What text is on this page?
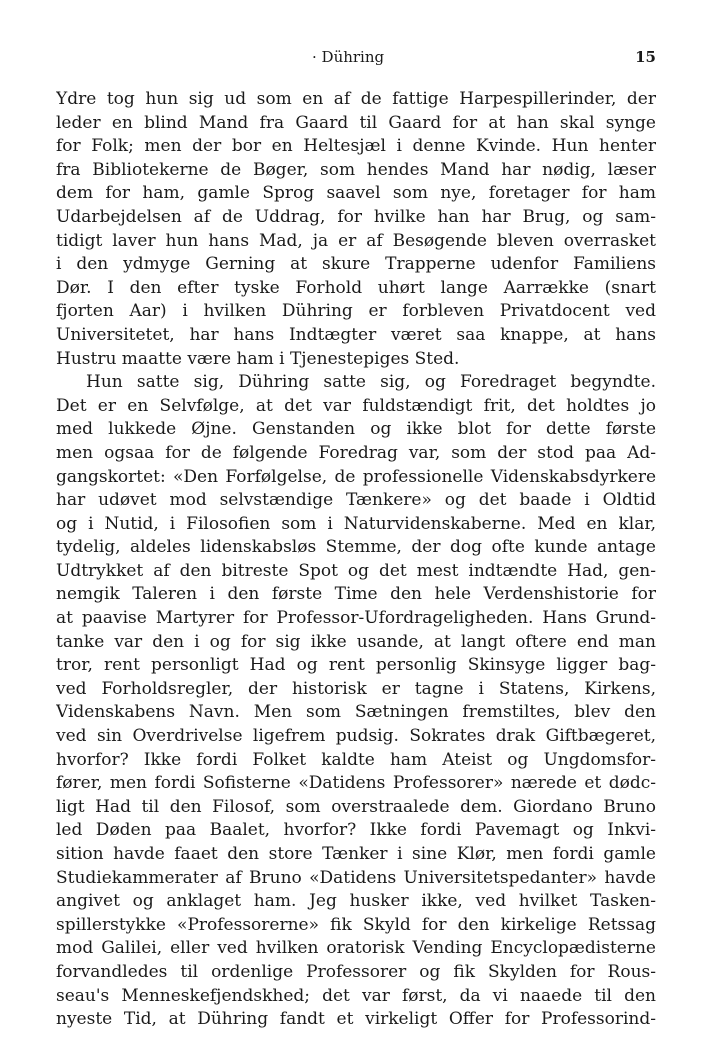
· Dühring	15
Ydre tog hun sig ud som en af de fattige Harpespillerinder, der
leder en blind Mand fra Gaard til Gaard for at han skal synge
for Folk; men der bor en Heltesjæl i denne Kvinde. Hun henter
fra Bibliotekerne de Bøger, som hendes Mand har nødig, læser
dem for ham, gamle Sprog saavel som nye, foretager for ham
Udarbejdelsen af de Uddrag, for hvilke han har Brug, og sam-
tidigt laver hun hans Mad, ja er af Besøgende bleven overrasket
i den ydmyge Gerning at skure Trapperne udenfor Familiens
Dør. I den efter tyske Forhold uhørt lange Aarrække (snart
fjorten Aar) i hvilken Dühring er forbleven Privatdocent ved
Universitetet, har hans Indtægter været saa knappe, at hans
Hustru maatte være ham i Tjenestepiges Sted.
Hun satte sig, Dühring satte sig, og Foredraget begyndte.
Det er en Selvfølge, at det var fuldstændigt frit, det holdtes jo
med lukkede Øjne. Genstanden og ikke blot for dette første
men ogsaa for de følgende Foredrag var, som der stod paa Ad-
gangskortet: «Den Forfølgelse, de professionelle Videnskabsdyrkere
har udøvet mod selvstændige Tænkere» og det baade i Oldtid
og i Nutid, i Filosofien som i Naturvidenskaberne. Med en klar,
tydelig, aldeles lidenskabsløs Stemme, der dog ofte kunde antage
Udtrykket af den bitreste Spot og det mest indtændte Had, gen-
nemgik Taleren i den første Time den hele Verdenshistorie for
at paavise Martyrer for Professor-Ufordrageligheden. Hans Grund-
tanke var den i og for sig ikke usande, at langt oftere end man
tror, rent personligt Had og rent personlig Skinsyge ligger bag-
ved Forholdsregler, der historisk er tagne i Statens, Kirkens,
Videnskabens Navn. Men som Sætningen fremstiltes, blev den
ved sin Overdrivelse ligefrem pudsig. Sokrates drak Giftbægeret,
hvorfor? Ikke fordi Folket kaldte ham Ateist og Ungdomsfor-
fører, men fordi Sofisterne «Datidens Professorer» nærede et dødc-
ligt Had til den Filosof, som overstraalede dem. Giordano Bruno
led Døden paa Baalet, hvorfor? Ikke fordi Pavemagt og Inkvi-
sition havde faaet den store Tænker i sine Klør, men fordi gamle
Studiekammerater af Bruno «Datidens Universitetspedanter» havde
angivet og anklaget ham. Jeg husker ikke, ved hvilket Tasken-
spillerstykke «Professorerne» fik Skyld for den kirkelige Retssag
mod Galilei, eller ved hvilken oratorisk Vending Encyclopædisterne
forvandledes til ordenlige Professorer og fik Skylden for Rous-
seau's Menneskefjendskhed; det var først, da vi naaede til den
nyeste Tid, at Dühring fandt et virkeligt Offer for Professorind-
